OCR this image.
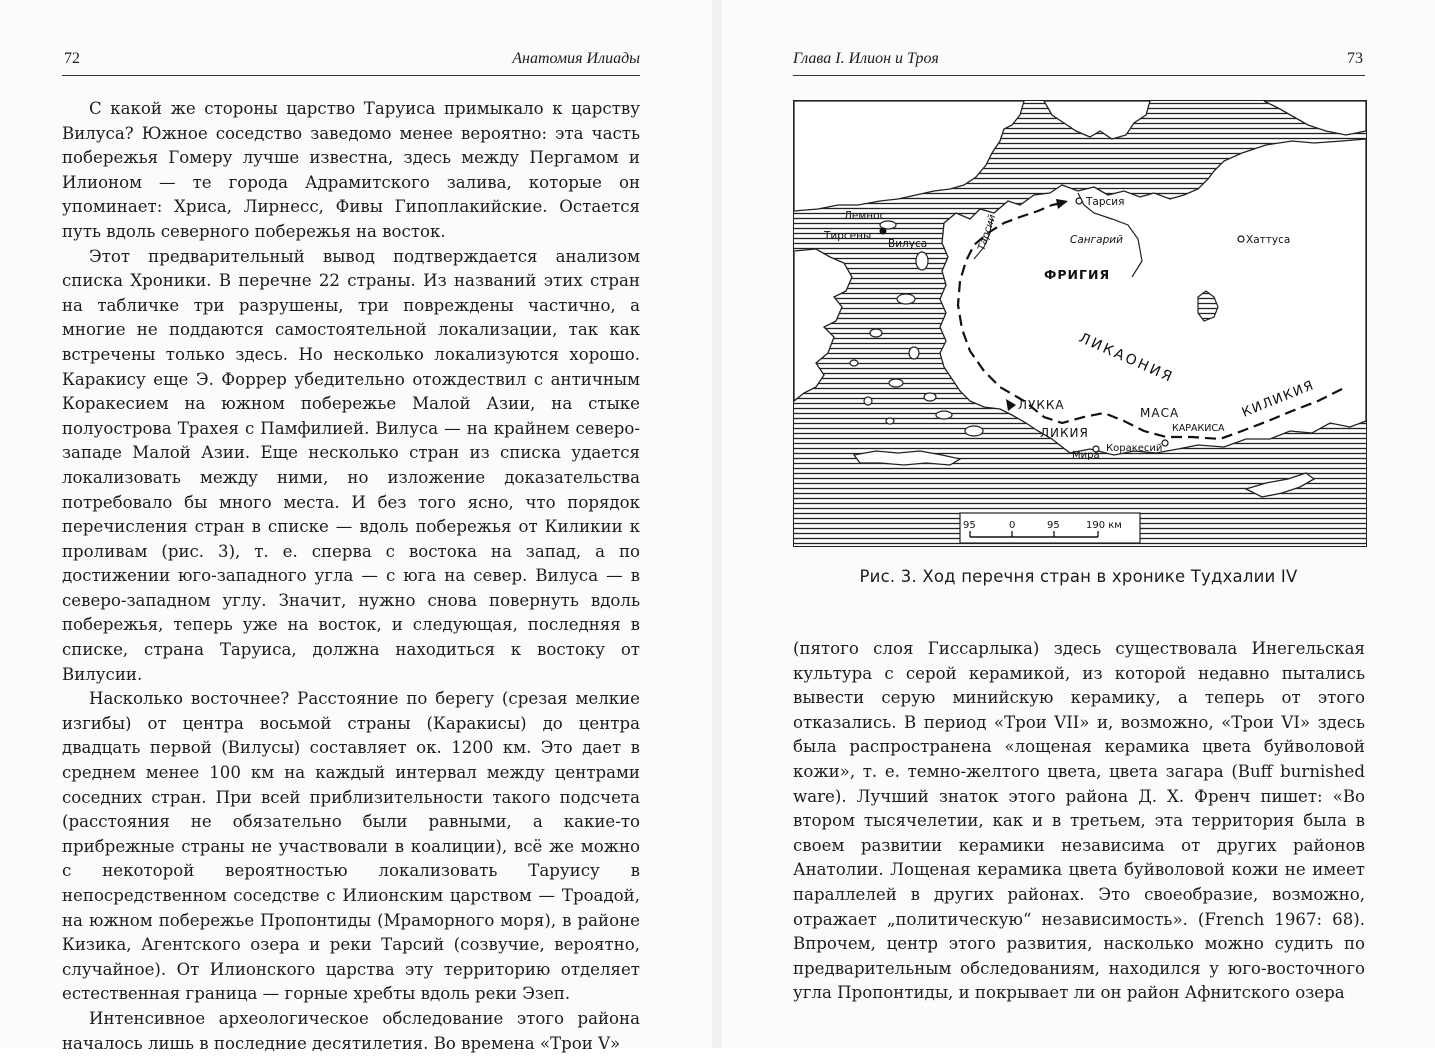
72	Анатомия Илиады

С какой же стороны царство Таруиса примыкало к царству Вилуса? Южное соседство заведомо менее вероятно: эта часть побережья Гомеру лучше известна, здесь между Пергамом и Илионом — те города Адрамитского залива, которые он упоминает: Хриса, Лирнесс, Фивы Гипоплакийские. Остается путь вдоль северного побережья на восток.

Этот предварительный вывод подтверждается анализом списка Хроники. В перечне 22 страны. Из названий этих стран на табличке три разрушены, три повреждены частично, а многие не поддаются самостоятельной локализации, так как встречены только здесь. Но несколько локализуются хорошо. Каракису еще Э. Форрер убедительно отождествил с античным Коракесием на южном побережье Малой Азии, на стыке полуострова Трахея с Памфилией. Вилуса — на крайнем северо-западе Малой Азии. Еще несколько стран из списка удается локализовать между ними, но изложение доказательства потребовало бы много места. И без того ясно, что порядок перечисления стран в списке — вдоль побережья от Киликии к проливам (рис. 3), т. е. сперва с востока на запад, а по достижении юго-западного угла — с юга на север. Вилуса — в северо-западном углу. Значит, нужно снова повернуть вдоль побережья, теперь уже на восток, и следующая, последняя в списке, страна Таруиса, должна находиться к востоку от Вилусии.

Насколько восточнее? Расстояние по берегу (срезая мелкие изгибы) от центра восьмой страны (Каракисы) до центра двадцать первой (Вилусы) составляет ок. 1200 км. Это дает в среднем менее 100 км на каждый интервал между центрами соседних стран. При всей приблизительности такого подсчета (расстояния не обязательно были равными, а какие-то прибрежные страны не участвовали в коалиции), всё же можно с некоторой вероятностью локализовать Таруису в непосредственном соседстве с Илионским царством — Троадой, на южном побережье Пропонтиды (Мраморного моря), в районе Кизика, Агентского озера и реки Тарсий (созвучие, вероятно, случайное). От Илионского царства эту территорию отделяет естественная граница — горные хребты вдоль реки Эзеп.

Интенсивное археологическое обследование этого района началось лишь в последние десятилетия. Во времена «Трои V»

Глава I. Илион и Троя	73
Тарсия
Лемнос
Тирсены
Вилуса	Тарсий	Сангарий	Хаттуса
ФРИГИЯ
ЛИКАОНИЯ
КИЛИКИЯ
ЛУККА
МАСА
ЛИКИЯ	КАРАКИСА
Мира
Коракесий
95	0	95	190 км
Рис. 3. Ход перечня стран в хронике Тудхалии IV

(пятого слоя Гиссарлыка) здесь существовала Инегельская культура с серой керамикой, из которой недавно пытались вывести серую минийскую керамику, а теперь от этого отказались. В период «Трои VII» и, возможно, «Трои VI» здесь была распространена «лощеная керамика цвета буйволовой кожи», т. е. темно-желтого цвета, цвета загара (Buff burnished ware). Лучший знаток этого района Д. Х. Френч пишет: «Во втором тысячелетии, как и в третьем, эта территория была в своем развитии керамики независима от других районов Анатолии. Лощеная керамика цвета буйволовой кожи не имеет параллелей в других районах. Это своеобразие, возможно, отражает „политическую“ независимость». (French 1967: 68). Впрочем, центр этого развития, насколько можно судить по предварительным обследованиям, находился у юго-восточного угла Пропонтиды, и покрывает ли он район Афнитского озера
